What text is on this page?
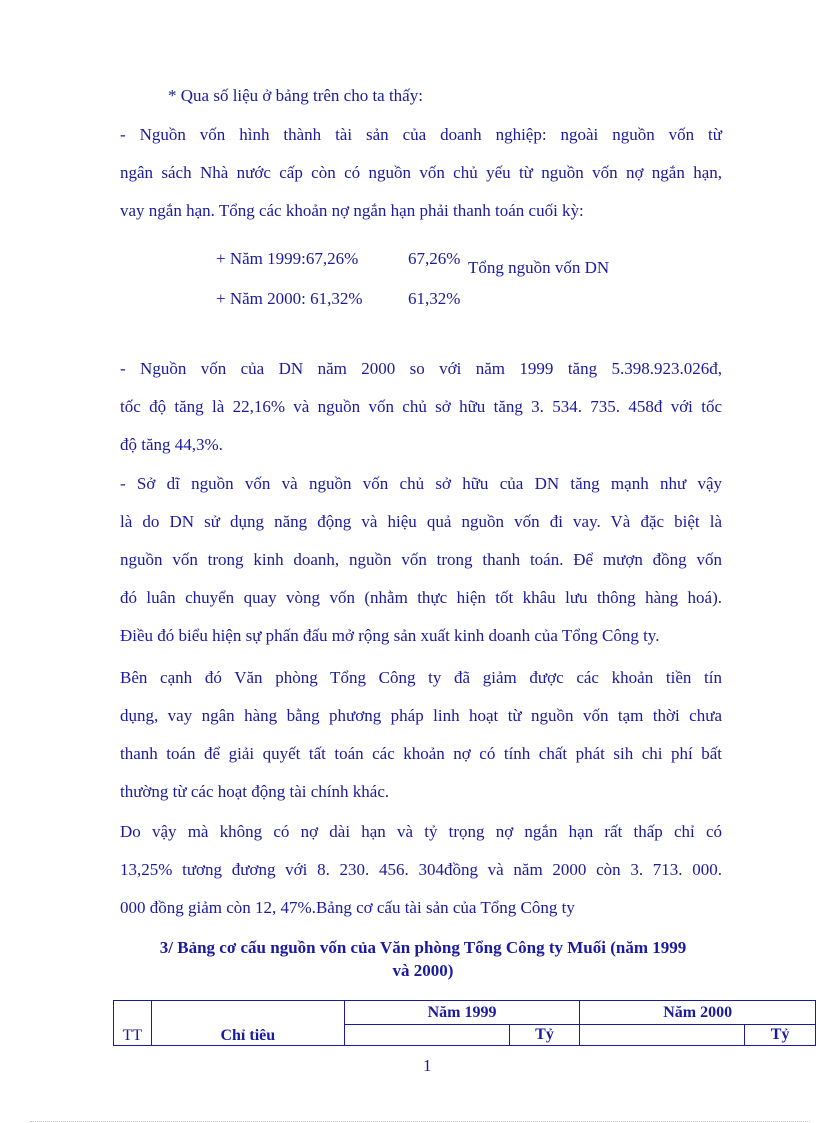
* Qua số liệu ở bảng trên cho ta thấy:
- Nguồn vốn hình thành tài sản của doanh nghiệp: ngoài nguồn vốn từ
ngân sách Nhà nước cấp còn có nguồn vốn chủ yếu từ nguồn vốn nợ ngắn hạn,
vay ngắn hạn. Tổng các khoản nợ ngắn hạn phải thanh toán cuối kỳ:
+ Năm 1999:67,26%	67,26%
+ Năm 2000: 61,32%	61,32%
Tổng nguồn vốn DN
- Nguồn vốn của DN năm 2000 so với năm 1999 tăng 5.398.923.026đ,
tốc độ tăng là 22,16% và nguồn vốn chủ sở hữu tăng 3. 534. 735. 458đ với tốc
độ tăng 44,3%.
- Sở dĩ nguồn vốn và nguồn vốn chủ sở hữu của DN tăng mạnh như vậy
là do DN sử dụng năng động và hiệu quả nguồn vốn đi vay. Và đặc biệt là
nguồn vốn trong kinh doanh, nguồn vốn trong thanh toán. Để mượn đồng vốn
đó luân chuyển quay vòng vốn (nhằm thực hiện tốt khâu lưu thông hàng hoá).
Điều đó biểu hiện sự phấn đấu mở rộng sản xuất kinh doanh của Tổng Công ty.
Bên cạnh đó Văn phòng Tổng Công ty đã giảm được các khoản tiền tín
dụng, vay ngân hàng bằng phương pháp linh hoạt từ nguồn vốn tạm thời chưa
thanh toán để giải quyết tất toán các khoản nợ có tính chất phát sih chi phí bất
thường từ các hoạt động tài chính khác.
Do vậy mà không có nợ dài hạn và tỷ trọng nợ ngắn hạn rất thấp chỉ có
13,25% tương đương với 8. 230. 456. 304đồng và năm 2000 còn 3. 713. 000.
000 đồng giảm còn 12, 47%.Bảng cơ cấu tài sản của Tổng Công ty
3/ Bảng cơ cấu nguồn vốn của Văn phòng Tổng Công ty Muối (năm 1999
và 2000)
TT	Chỉ tiêu	Năm 1999		Năm 2000	
			Tỷ		Tỷ
1
